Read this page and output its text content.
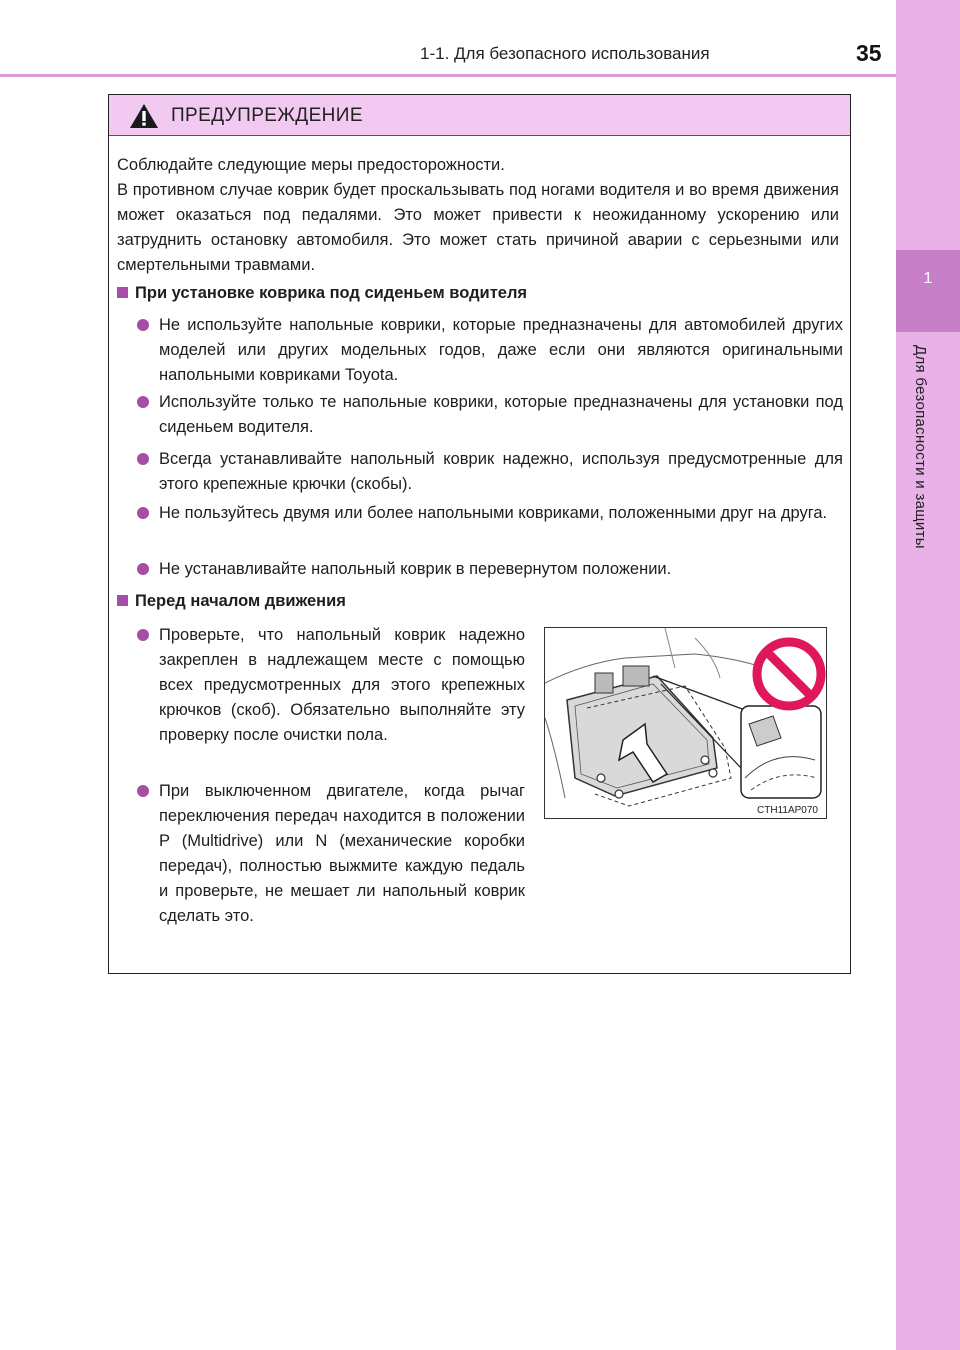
1-1. Для безопасного использования	35
1
Для безопасности и защиты
ПРЕДУПРЕЖДЕНИЕ
Соблюдайте следующие меры предосторожности.
В противном случае коврик будет проскальзывать под ногами водителя и во время движения может оказаться под педалями. Это может привести к неожиданному ускорению или затруднить остановку автомобиля. Это может стать причиной аварии с серьезными или смертельными травмами.
При установке коврика под сиденьем водителя
Не используйте напольные коврики, которые предназначены для автомобилей других моделей или других модельных годов, даже если они являются оригинальными напольными ковриками Toyota.
Используйте только те напольные коврики, которые предназначены для установки под сиденьем водителя.
Всегда устанавливайте напольный коврик надежно, используя предусмотренные для этого крепежные крючки (скобы).
Не пользуйтесь двумя или более напольными ковриками, положенными друг на друга.
Не устанавливайте напольный коврик в перевернутом положении.
Перед началом движения
Проверьте, что напольный коврик надежно закреплен в надлежащем месте с помощью всех предусмотренных для этого крепежных крючков (скоб). Обязательно выполняйте эту проверку после очистки пола.
При выключенном двигателе, когда рычаг переключения передач находится в положении P (Multidrive) или N (механические коробки передач), полностью выжмите каждую педаль и проверьте, не мешает ли напольный коврик сделать это.
CTH11AP070
